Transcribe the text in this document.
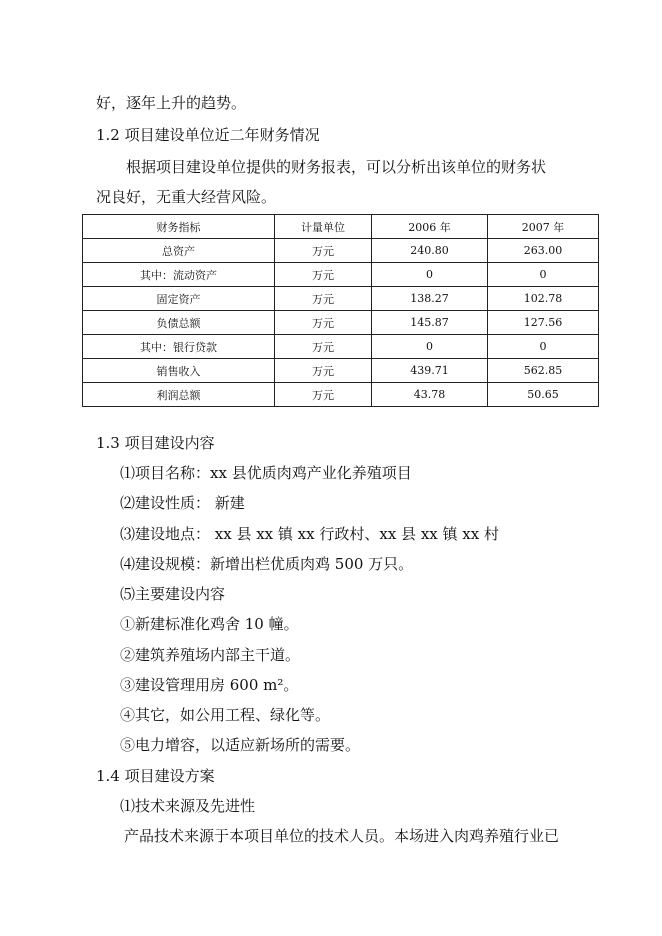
好，逐年上升的趋势。
1.2 项目建设单位近二年财务情况
根据项目建设单位提供的财务报表，可以分析出该单位的财务状
况良好，无重大经营风险。
财务指标	计量单位	2006 年	2007 年
总资产	万元	240.80	263.00
其中：流动资产	万元	0	0
固定资产	万元	138.27	102.78
负债总额	万元	145.87	127.56
其中：银行贷款	万元	0	0
销售收入	万元	439.71	562.85
利润总额	万元	43.78	50.65
1.3 项目建设内容
⑴项目名称：xx 县优质肉鸡产业化养殖项目
⑵建设性质： 新建
⑶建设地点： xx 县 xx 镇 xx 行政村、xx 县 xx 镇 xx 村
⑷建设规模：新增出栏优质肉鸡 500 万只。
⑸主要建设内容
①新建标准化鸡舍 10 幢。
②建筑养殖场内部主干道。
③建设管理用房 600 m²。
④其它，如公用工程、绿化等。
⑤电力增容，以适应新场所的需要。
1.4 项目建设方案
⑴技术来源及先进性
产品技术来源于本项目单位的技术人员。本场进入肉鸡养殖行业已
